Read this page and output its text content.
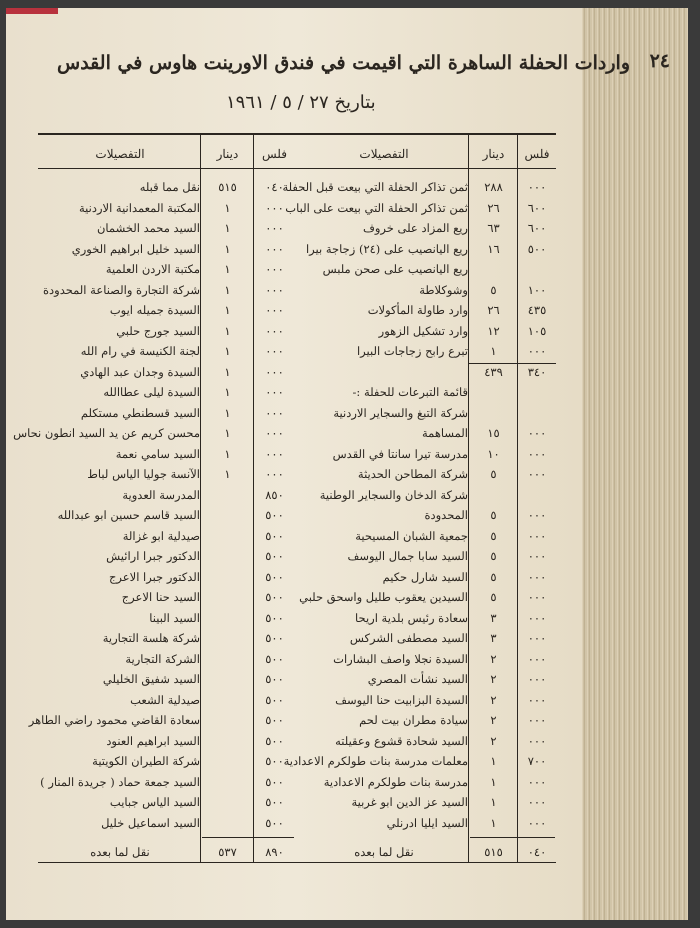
٢٤
واردات الحفلة الساهرة التي اقيمت في فندق الاورينت هاوس في القدس
بتاريخ ٢٧ / ٥ / ١٩٦١
فلس
دينار
التفصيلات
٠٠٠
٢٨٨
ثمن تذاكر الحفلة التي بيعت قبل الحفلة
٦٠٠
٢٦
ثمن تذاكر الحفلة التي بيعت على الباب
٦٠٠
٦٣
ريع المزاد على خروف
٥٠٠
١٦
ريع اليانصيب على (٢٤) زجاجة بيرا
ريع اليانصيب على صحن ملبس
١٠٠
٥
وشوكلاطة
٤٣٥
٢٦
وارد طاولة المأكولات
١٠٥
١٢
وارد تشكيل الزهور
٠٠٠
١
تبرع رابح زجاجات البيرا
٣٤٠
٤٣٩
قائمة التبرعات للحفلة :-
شركة التبغ والسجاير الاردنية
٠٠٠
١٥
المساهمة
٠٠٠
١٠
مدرسة تيرا سانتا في القدس
٠٠٠
٥
شركة المطاحن الحديثة
شركة الدخان والسجاير الوطنية
٠٠٠
٥
المحدودة
٠٠٠
٥
جمعية الشبان المسيحية
٠٠٠
٥
السيد سابا جمال اليوسف
٠٠٠
٥
السيد شارل حكيم
٠٠٠
٥
السيدين يعقوب طليل واسحق حلبي
٠٠٠
٣
سعادة رئيس بلدية اريحا
٠٠٠
٣
السيد مصطفى الشركس
٠٠٠
٢
السيدة نجلا واصف البشارات
٠٠٠
٢
السيد نشأت المصري
٠٠٠
٢
السيدة البزابيت حنا اليوسف
٠٠٠
٢
سيادة مطران بيت لحم
٠٠٠
٢
السيد شحادة قشوع وعقيلته
٧٠٠
١
معلمات مدرسة بنات طولكرم الاعدادية
٠٠٠
١
مدرسة بنات طولكرم الاعدادية
٠٠٠
١
السيد عز الدين ابو غربية
٠٠٠
١
السيد ايليا ادرنلي
٠٤٠
٥١٥
نقل لما بعده
فلس
دينار
التفصيلات
٠٤٠
٥١٥
نقل مما قبله
٠٠٠
١
المكتبة المعمدانية الاردنية
٠٠٠
١
السيد محمد الخشمان
٠٠٠
١
السيد خليل ابراهيم الخوري
٠٠٠
١
مكتبة الاردن العلمية
٠٠٠
١
شركة التجارة والصناعة المحدودة
٠٠٠
١
السيدة جميله ايوب
٠٠٠
١
السيد جورج حلبي
٠٠٠
١
لجنة الكنيسة في رام الله
٠٠٠
١
السيدة وجدان عبد الهادي
٠٠٠
١
السيدة ليلى عطاالله
٠٠٠
١
السيد قسطنطي مستكلم
٠٠٠
١
محسن كريم عن يد السيد انطون نحاس
٠٠٠
١
السيد سامي نعمة
٠٠٠
١
الآنسة جوليا الياس لباط
٨٥٠
المدرسة العدوية
٥٠٠
السيد قاسم حسين ابو عبدالله
٥٠٠
صيدلية ابو غزالة
٥٠٠
الدكتور جبرا ارائيش
٥٠٠
الدكتور جبرا الاعرج
٥٠٠
السيد حنا الاعرج
٥٠٠
السيد البينا
٥٠٠
شركة هلسة التجارية
٥٠٠
الشركة التجارية
٥٠٠
السيد شفيق الخليلي
٥٠٠
صيدلية الشعب
٥٠٠
سعادة القاضي محمود راضي الطاهر
٥٠٠
السيد ابراهيم العنود
٥٠٠
شركة الطيران الكويتية
٥٠٠
السيد جمعة حماد ( جريدة المنار )
٥٠٠
السيد الياس جبايب
٥٠٠
السيد اسماعيل خليل
٨٩٠
٥٣٧
نقل لما بعده
